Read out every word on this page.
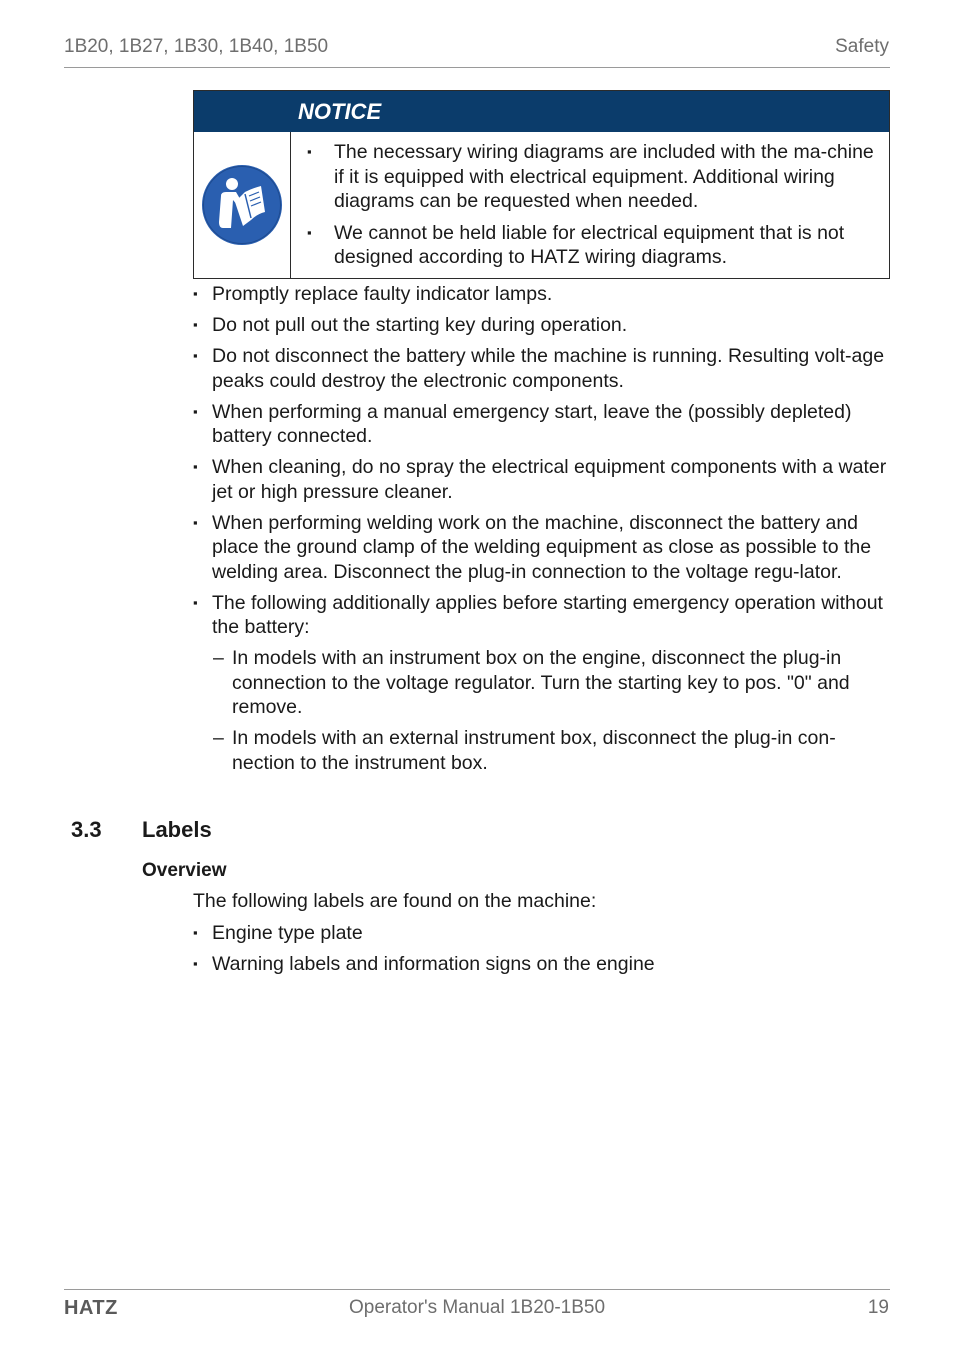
1B20, 1B27, 1B30, 1B40, 1B50	Safety
NOTICE
▪ The necessary wiring diagrams are included with the ma-chine if it is equipped with electrical equipment. Additional wiring diagrams can be requested when needed.
▪ We cannot be held liable for electrical equipment that is not designed according to HATZ wiring diagrams.
▪ Promptly replace faulty indicator lamps.
▪ Do not pull out the starting key during operation.
▪ Do not disconnect the battery while the machine is running. Resulting volt-age peaks could destroy the electronic components.
▪ When performing a manual emergency start, leave the (possibly depleted) battery connected.
▪ When cleaning, do no spray the electrical equipment components with a water jet or high pressure cleaner.
▪ When performing welding work on the machine, disconnect the battery and place the ground clamp of the welding equipment as close as possible to the welding area. Disconnect the plug-in connection to the voltage regu-lator.
▪ The following additionally applies before starting emergency operation without the battery:
– In models with an instrument box on the engine, disconnect the plug-in connection to the voltage regulator. Turn the starting key to pos. "0" and remove.
– In models with an external instrument box, disconnect the plug-in con-nection to the instrument box.
3.3 Labels
Overview
The following labels are found on the machine:
▪ Engine type plate
▪ Warning labels and information signs on the engine
HATZ	Operator's Manual 1B20-1B50	19
